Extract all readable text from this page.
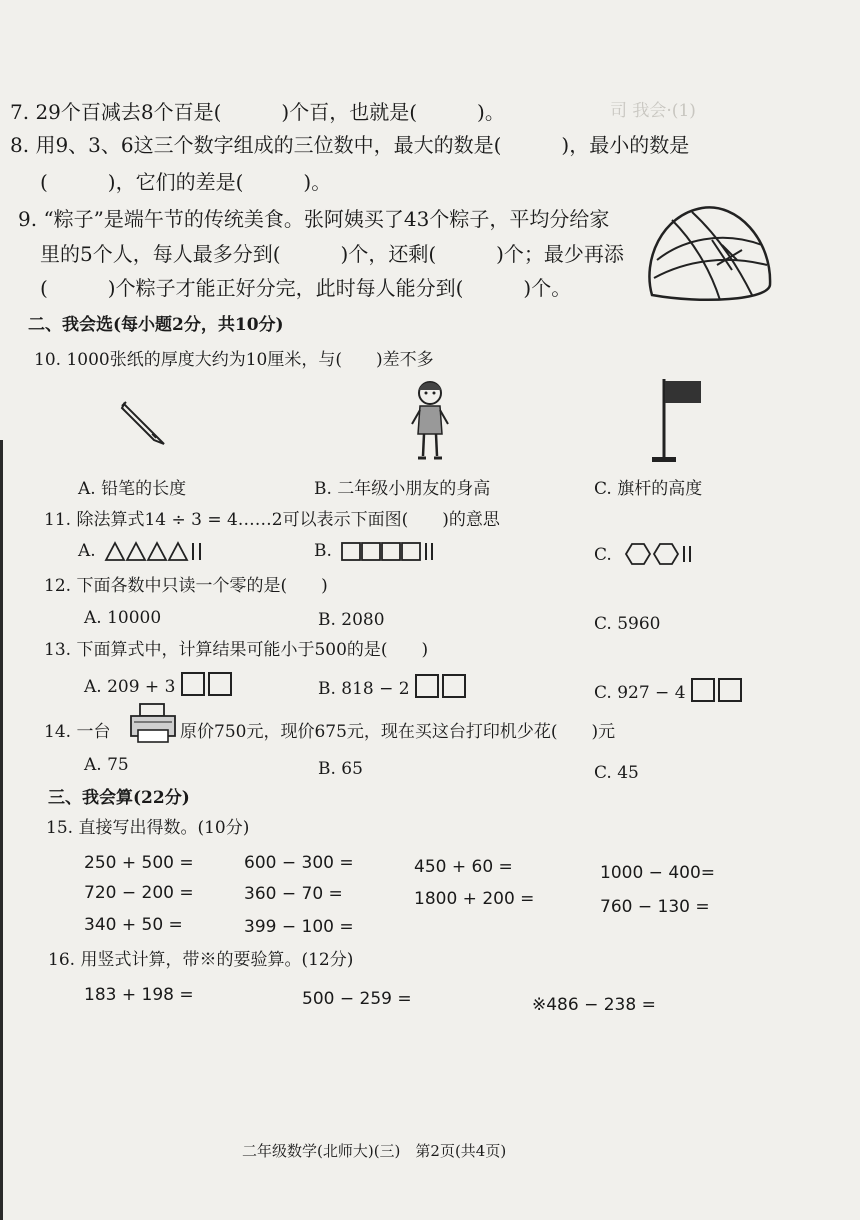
司 我会·(1)
7. 29个百减去8个百是(　　　)个百，也就是(　　　)。
8. 用9、3、6这三个数字组成的三位数中，最大的数是(　　　)，最小的数是
(　　　)，它们的差是(　　　)。
9. “粽子”是端午节的传统美食。张阿姨买了43个粽子，平均分给家
里的5个人，每人最多分到(　　　)个，还剩(　　　)个；最少再添
(　　　)个粽子才能正好分完，此时每人能分到(　　　)个。
二、我会选(每小题2分，共10分)
10. 1000张纸的厚度大约为10厘米，与(　　)差不多
A. 铅笔的长度	B. 二年级小朋友的身高	C. 旗杆的高度
11. 除法算式14 ÷ 3 = 4……2可以表示下面图(　　)的意思
A.	B.	C.
12. 下面各数中只读一个零的是(　　)
A. 10000	B. 2080	C. 5960
13. 下面算式中，计算结果可能小于500的是(　　)
A. 209 + 3	B. 818 − 2	C. 927 − 4
14. 一台	原价750元，现价675元，现在买这台打印机少花(　　)元
A. 75	B. 65	C. 45
三、我会算(22分)
15. 直接写出得数。(10分)
250 + 500 =	600 − 300 =	450 + 60 =	1000 − 400=
720 − 200 =	360 − 70 =	1800 + 200 =	760 − 130 =
340 + 50 =	399 − 100 =
16. 用竖式计算，带※的要验算。(12分)
183 + 198 =	500 − 259 =	※486 − 238 =
二年级数学(北师大)(三)　第2页(共4页)
